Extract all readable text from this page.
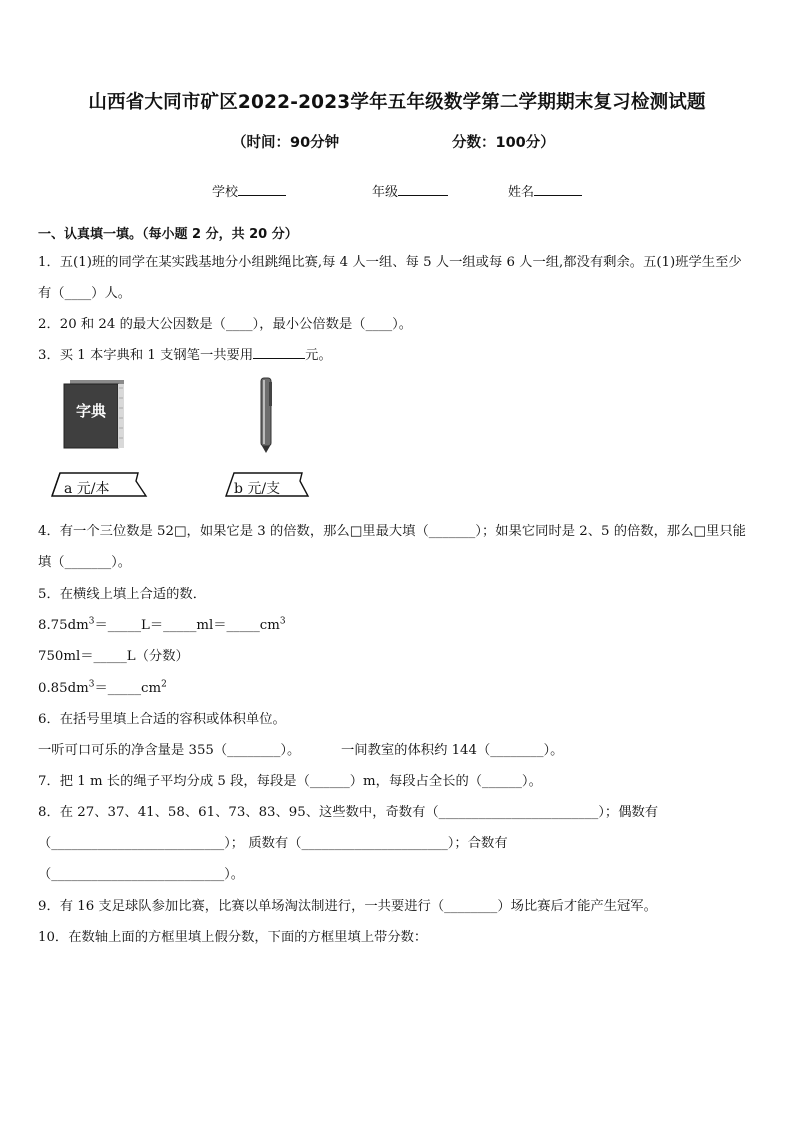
山西省大同市矿区2022-2023学年五年级数学第二学期期末复习检测试题
（时间：90分钟	分数：100分）
学校	年级	姓名
一、认真填一填。（每小题 2 分，共 20 分）
1．五(1)班的同学在某实践基地分小组跳绳比赛,每 4 人一组、每 5 人一组或每 6 人一组,都没有剩余。五(1)班学生至少
有（____）人。
2．20 和 24 的最大公因数是（____），最小公倍数是（____）。
3．买 1 本字典和 1 支钢笔一共要用	元。
字典
a 元/本	b 元/支
4．有一个三位数是 52□，如果它是 3 的倍数，那么□里最大填（_______）；如果它同时是 2、5 的倍数，那么□里只能
填（_______）。
5．在横线上填上合适的数．
$8.75dm^3=\_\_\_\_\_L=\_\_\_\_\_ml=\_\_\_\_\_cm^3$
750ml＝_____L（分数）
$0.85dm^3=\_\_\_\_\_cm^2$
6．在括号里填上合适的容积或体积单位。
一听可口可乐的净含量是 355（________）。	一间教室的体积约 144（________）。
7．把 1 m 长的绳子平均分成 5 段，每段是（______）m，每段占全长的（______）。
8．在 27、37、41、58、61、73、83、95、这些数中，奇数有（________________________）；偶数有
（__________________________）； 质数有（______________________）；合数有
（__________________________）。
9．有 16 支足球队参加比赛，比赛以单场淘汰制进行，一共要进行（________）场比赛后才能产生冠军。
10．在数轴上面的方框里填上假分数，下面的方框里填上带分数：
